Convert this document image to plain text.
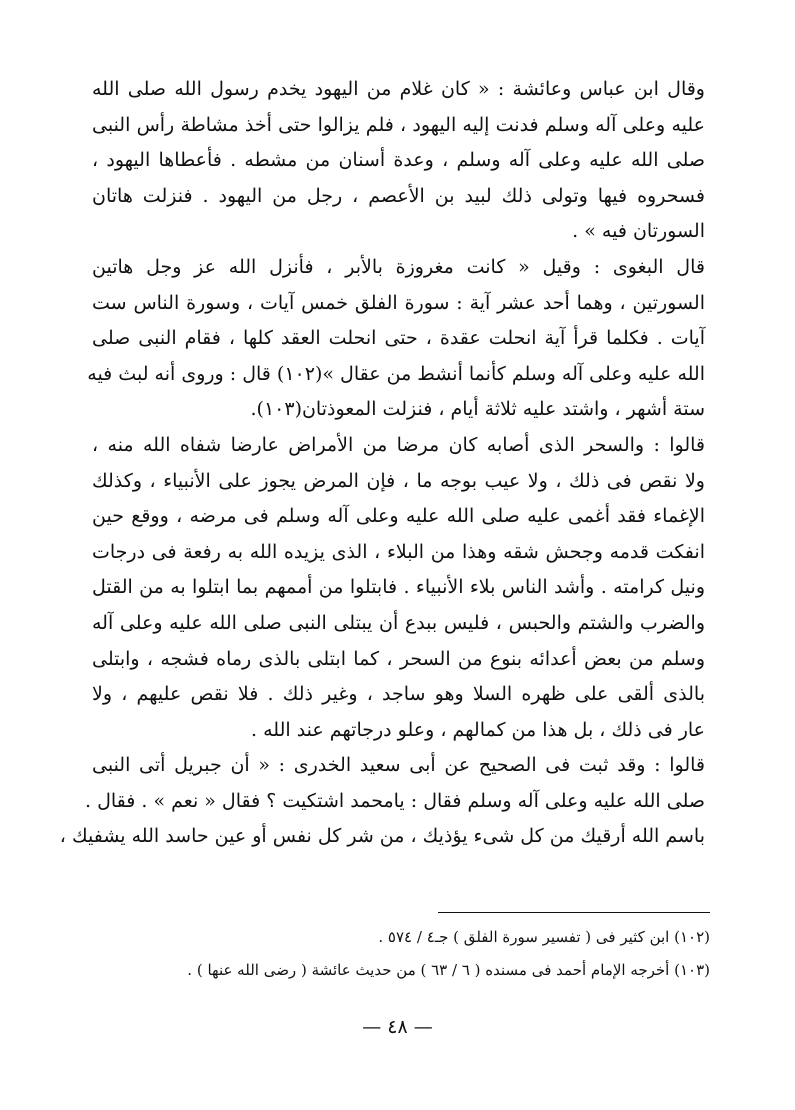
وقال ابن عباس وعائشة : « كان غلام من اليهود يخدم رسول الله صلى الله
عليه وعلى آله وسلم فدنت إليه اليهود ، فلم يزالوا حتى أخذ مشاطة رأس النبى
صلى الله عليه وعلى آله وسلم ، وعدة أسنان من مشطه . فأعطاها اليهود ،
فسحروه فيها وتولى ذلك لبيد بن الأعصم ، رجل من اليهود . فنزلت هاتان
السورتان فيه » .
قال البغوى : وقيل « كانت مغروزة بالأبر ، فأنزل الله عز وجل هاتين
السورتين ، وهما أحد عشر آية : سورة الفلق خمس آيات ، وسورة الناس ست
آيات . فكلما قرأ آية انحلت عقدة ، حتى انحلت العقد كلها ، فقام النبى صلى
الله عليه وعلى آله وسلم كأنما أنشط من عقال »(١٠٢) قال : وروى أنه لبث فيه
ستة أشهر ، واشتد عليه ثلاثة أيام ، فنزلت المعوذتان(١٠٣).
قالوا : والسحر الذى أصابه كان مرضا من الأمراض عارضا شفاه الله منه ،
ولا نقص فى ذلك ، ولا عيب بوجه ما ، فإن المرض يجوز على الأنبياء ، وكذلك
الإغماء فقد أغمى عليه صلى الله عليه وعلى آله وسلم فى مرضه ، ووقع حين
انفكت قدمه وجحش شقه وهذا من البلاء ، الذى يزيده الله به رفعة فى درجات
ونيل كرامته . وأشد الناس بلاء الأنبياء . فابتلوا من أممهم بما ابتلوا به من القتل
والضرب والشتم والحبس ، فليس ببدع أن يبتلى النبى صلى الله عليه وعلى آله
وسلم من بعض أعدائه بنوع من السحر ، كما ابتلى بالذى رماه فشجه ، وابتلى
بالذى ألقى على ظهره السلا وهو ساجد ، وغير ذلك . فلا نقص عليهم ، ولا
عار فى ذلك ، بل هذا من كمالهم ، وعلو درجاتهم عند الله .
قالوا : وقد ثبت فى الصحيح عن أبى سعيد الخدرى : « أن جبريل أتى النبى
صلى الله عليه وعلى آله وسلم فقال : يامحمد اشتكيت ؟ فقال « نعم » . فقال .
باسم الله أرقيك من كل شىء يؤذيك ، من شر كل نفس أو عين حاسد الله يشفيك ،
(١٠٢) ابن كثير فى ( تفسير سورة الفلق ) جـ٤ / ٥٧٤ .
(١٠٣) أخرجه الإمام أحمد فى مسنده ( ٦ / ٦٣ ) من حديث عائشة ( رضى الله عنها ) .
— ٤٨ —
